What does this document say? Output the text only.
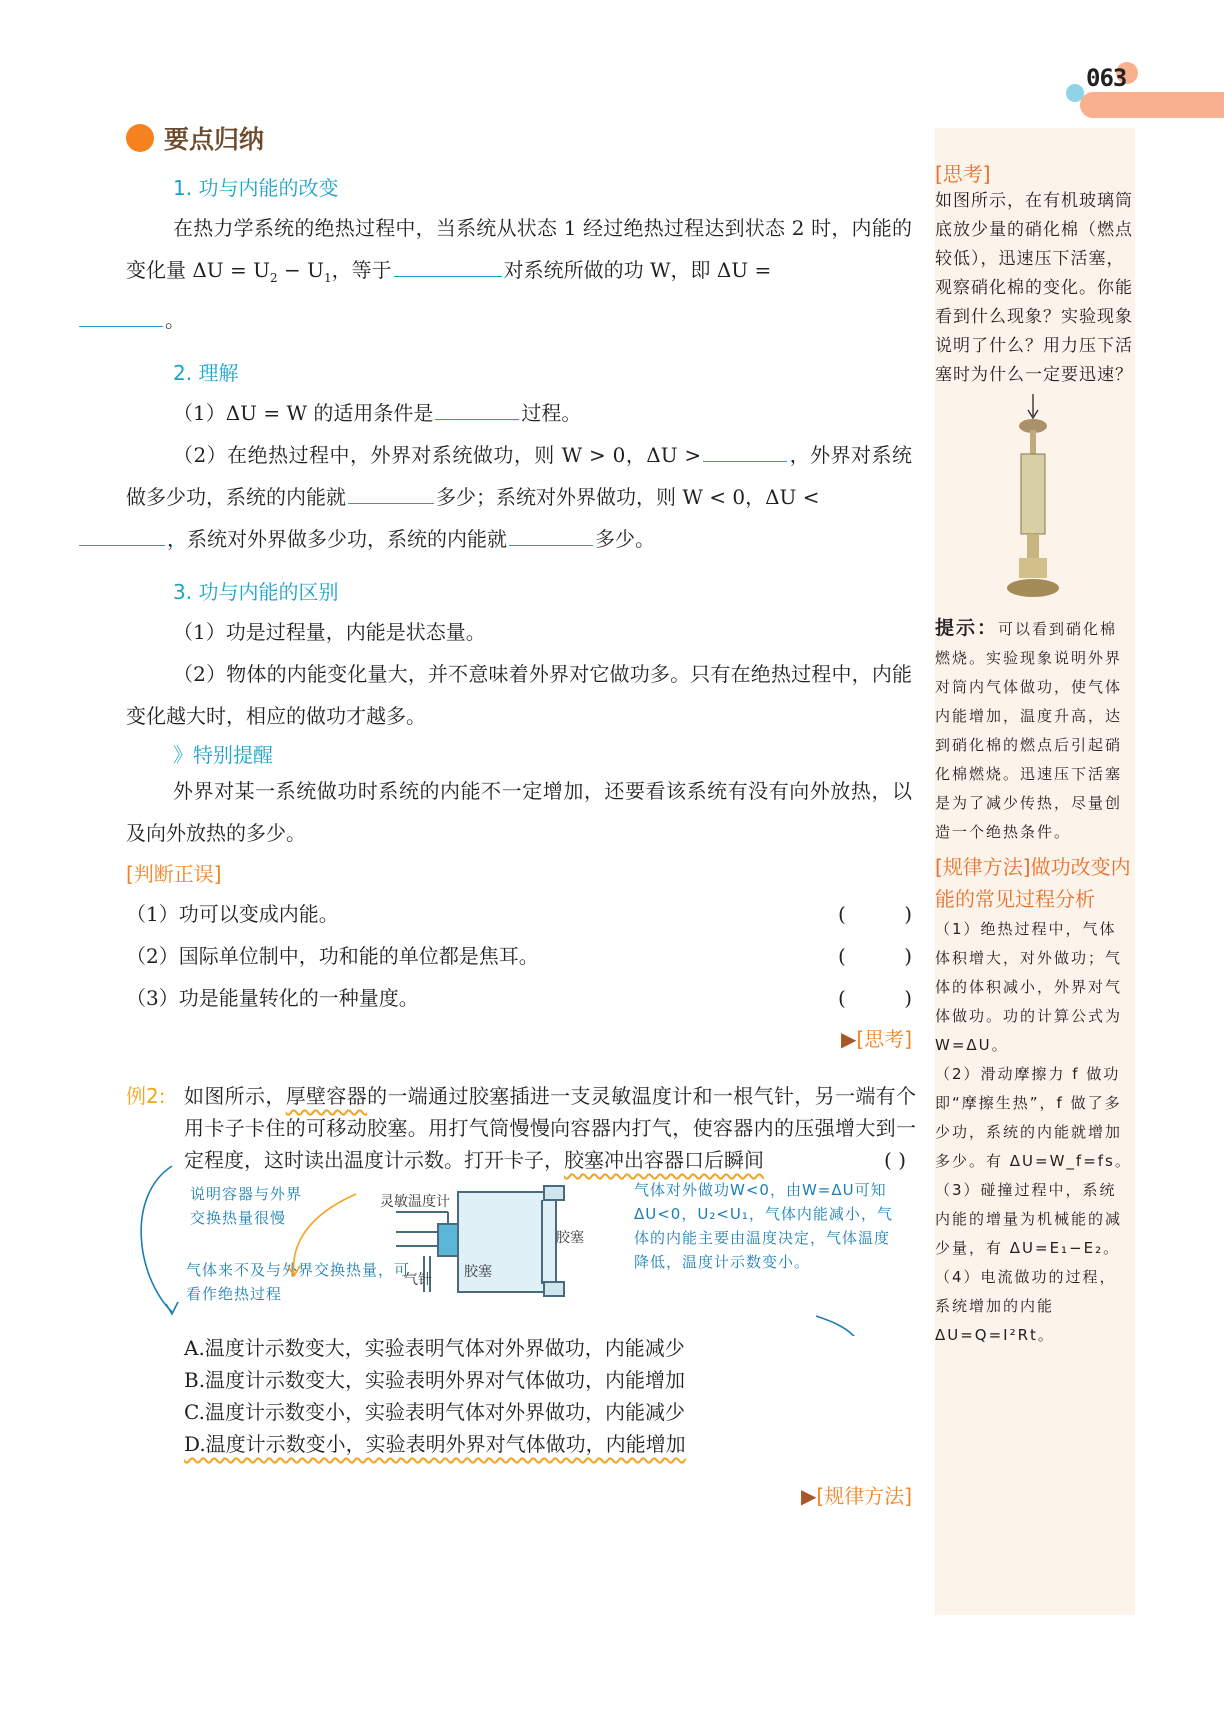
063
要点归纳
1. 功与内能的改变

在热力学系统的绝热过程中，当系统从状态 1 经过绝热过程达到状态 2 时，内能的变化量 $\Delta U = U_2 - U_1$，等于	对系统所做的功 W，即 ΔU =
。

2. 理解

（1）ΔU = W 的适用条件是	过程。

（2）在绝热过程中，外界对系统做功，则 W > 0，ΔU >	，外界对系统做多少功，系统的内能就	多少；系统对外界做功，则 W < 0，ΔU <
，系统对外界做多少功，系统的内能就	多少。

3. 功与内能的区别

（1）功是过程量，内能是状态量。

（2）物体的内能变化量大，并不意味着外界对它做功多。只有在绝热过程中，内能变化越大时，相应的做功才越多。

》特别提醒

外界对某一系统做功时系统的内能不一定增加，还要看该系统有没有向外放热，以及向外放热的多少。

[判断正误]
（1）功可以变成内能。	(	)
（2）国际单位制中，功和能的单位都是焦耳。	(	)
（3）功是能量转化的一种量度。	(	)
▶[思考]
例2: 如图所示，厚壁容器的一端通过胶塞插进一支灵敏温度计和一根气针，另一端有个用卡子卡住的可移动胶塞。用打气筒慢慢向容器内打气，使容器内的压强增大到一定程度，这时读出温度计示数。打开卡子，胶塞冲出容器口后瞬间	( )
说明容器与外界交换热量很慢
气体来不及与外界交换热量，可看作绝热过程
气体对外做功W<0，由W=ΔU可知ΔU<0，U₂<U₁，气体内能减小，气体的内能主要由温度决定，气体温度降低，温度计示数变小。
灵敏温度计
胶塞
胶塞
气针
A.温度计示数变大，实验表明气体对外界做功，内能减少
B.温度计示数变大，实验表明外界对气体做功，内能增加
C.温度计示数变小，实验表明气体对外界做功，内能减少
D.温度计示数变小，实验表明外界对气体做功，内能增加
▶[规律方法]
[思考]
如图所示，在有机玻璃筒底放少量的硝化棉（燃点较低），迅速压下活塞，观察硝化棉的变化。你能看到什么现象？实验现象说明了什么？用力压下活塞时为什么一定要迅速？
提示：可以看到硝化棉燃烧。实验现象说明外界对筒内气体做功，使气体内能增加，温度升高，达到硝化棉的燃点后引起硝化棉燃烧。迅速压下活塞是为了减少传热，尽量创造一个绝热条件。
[规律方法]做功改变内能的常见过程分析
（1）绝热过程中，气体体积增大，对外做功；气体的体积减小，外界对气体做功。功的计算公式为 W=ΔU。
（2）滑动摩擦力 f 做功即“摩擦生热”，f 做了多少功，系统的内能就增加多少。有 ΔU=W_f=fs。
（3）碰撞过程中，系统内能的增量为机械能的减少量，有 ΔU=E₁−E₂。
（4）电流做功的过程，系统增加的内能 ΔU=Q=I²Rt。
